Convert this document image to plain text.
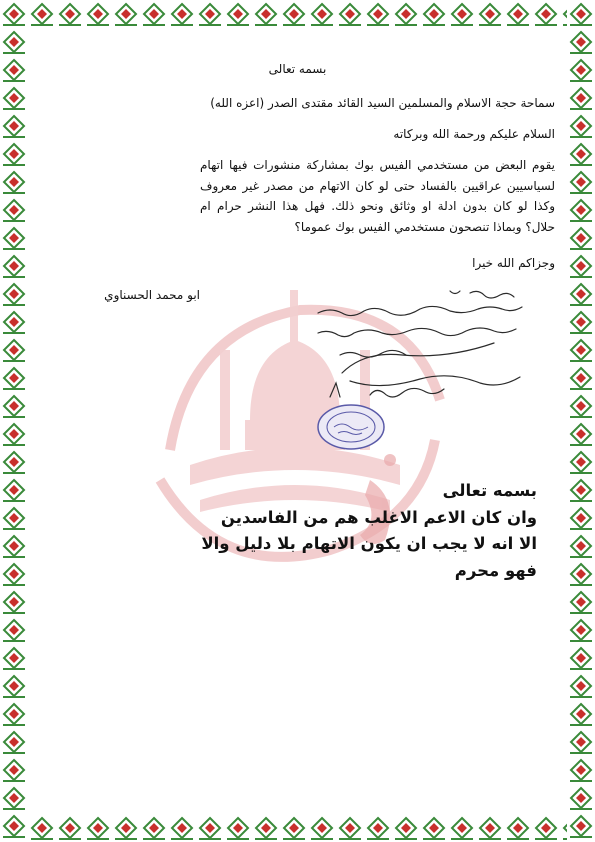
بسمه تعالى
سماحة حجة الاسلام والمسلمين السيد القائد مقتدى الصدر (اعزه الله)
السلام عليكم ورحمة الله وبركاته
يقوم البعض من مستخدمي الفيس بوك بمشاركة منشورات فيها اتهام لسياسيين عراقيين بالفساد حتى لو كان الاتهام من مصدر غير معروف وكذا لو كان بدون ادلة او وثائق ونحو ذلك. فهل هذا النشر حرام ام حلال؟ وبماذا تنصحون مستخدمي الفيس بوك عموما؟
وجزاكم الله خيرا
ابو محمد الحسناوي
بسمه تعالى
وان كان الاعم الاغلب هم من الفاسدين
الا انه لا يجب ان يكون الاتهام بلا دليل والا
فهو محرم
